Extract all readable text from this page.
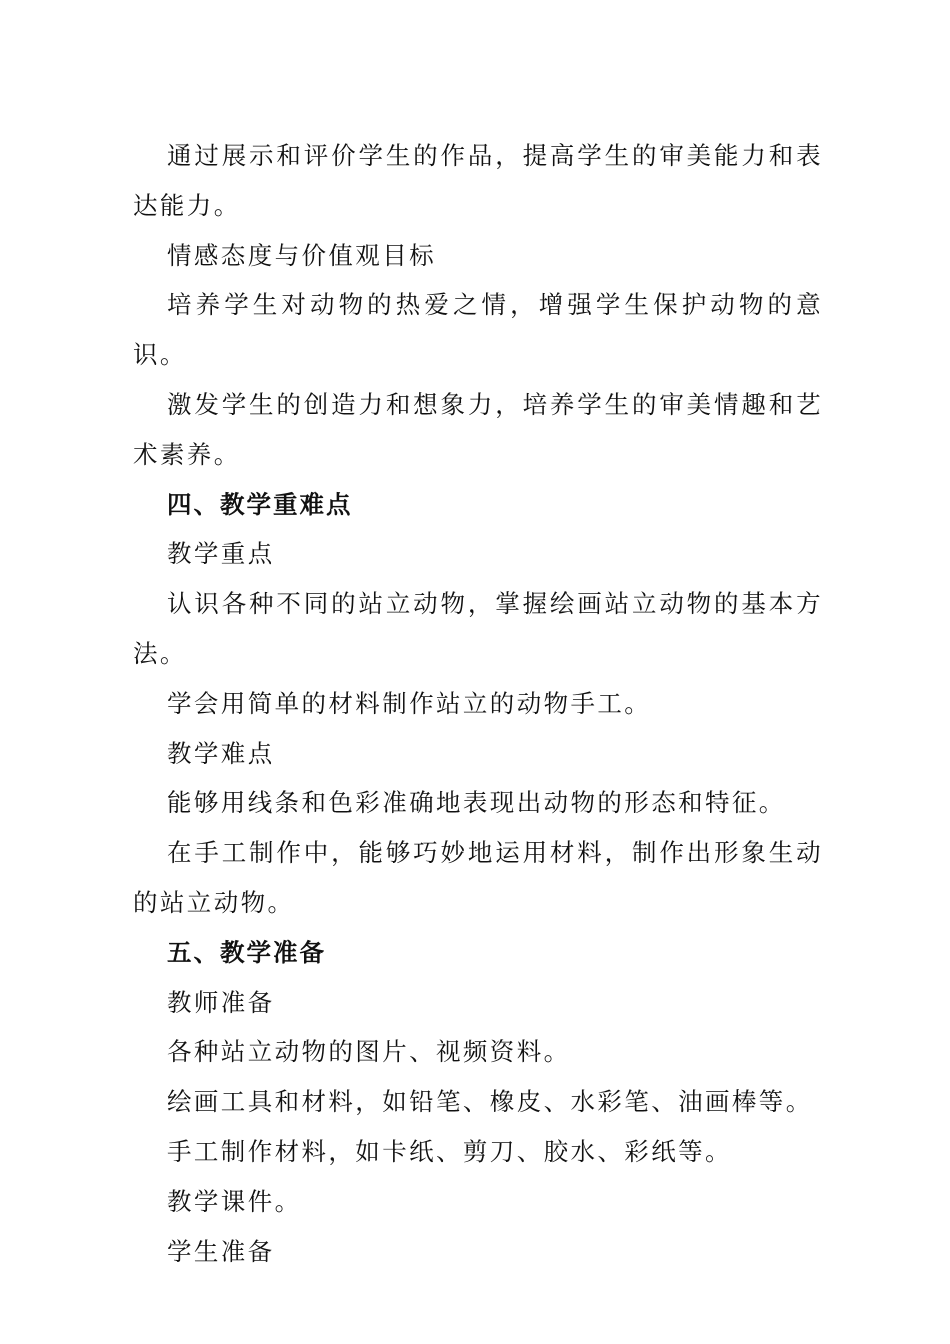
通过展示和评价学生的作品，提高学生的审美能力和表达能力。

情感态度与价值观目标

培养学生对动物的热爱之情，增强学生保护动物的意识。

激发学生的创造力和想象力，培养学生的审美情趣和艺术素养。

四、教学重难点

教学重点

认识各种不同的站立动物，掌握绘画站立动物的基本方法。

学会用简单的材料制作站立的动物手工。

教学难点

能够用线条和色彩准确地表现出动物的形态和特征。

在手工制作中，能够巧妙地运用材料，制作出形象生动的站立动物。

五、教学准备

教师准备

各种站立动物的图片、视频资料。

绘画工具和材料，如铅笔、橡皮、水彩笔、油画棒等。

手工制作材料，如卡纸、剪刀、胶水、彩纸等。

教学课件。

学生准备
